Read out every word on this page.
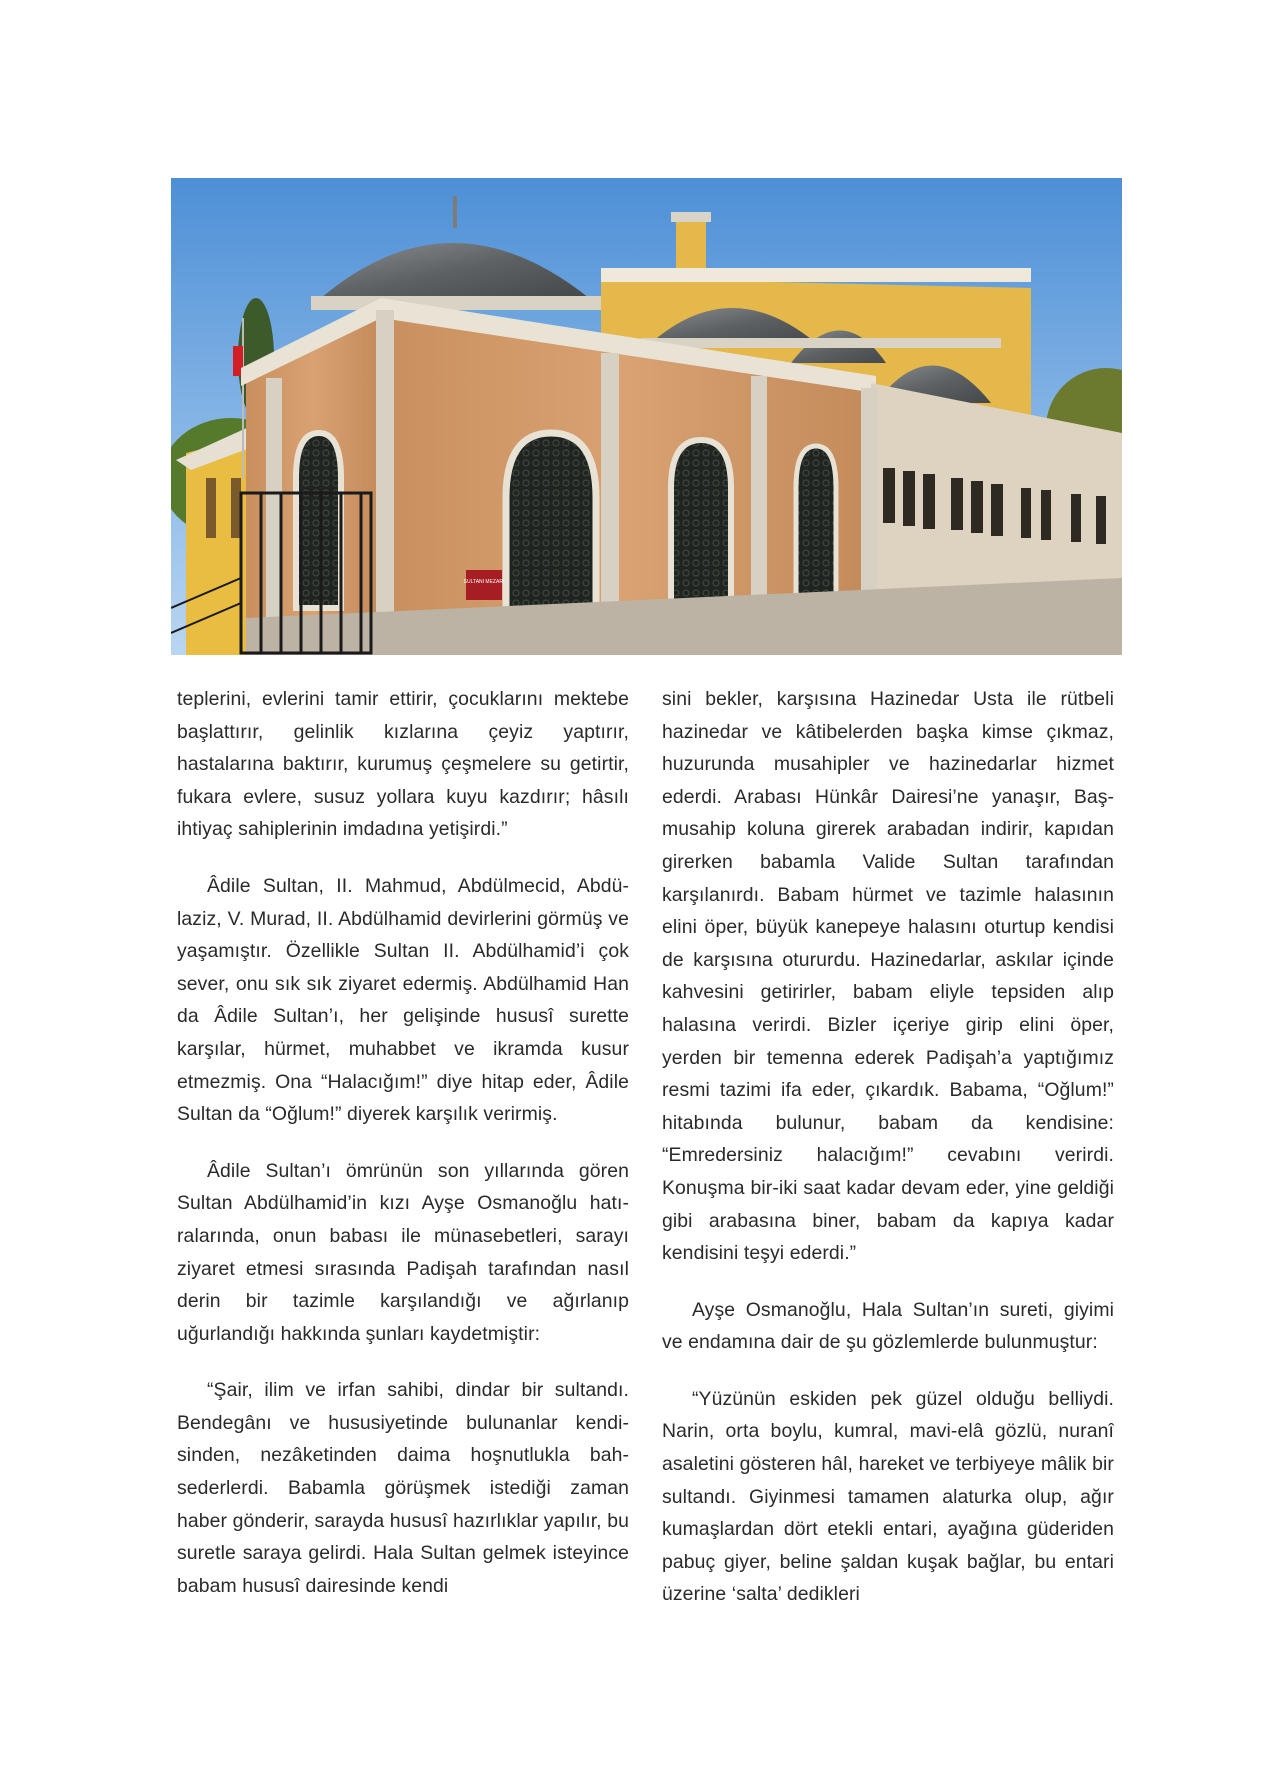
SULTANI MEZARI

teplerini, evlerini tamir ettirir, çocuklarını mektebe başlattırır, gelinlik kızlarına çeyiz yaptırır, hastalarına baktırır, kurumuş çeşmelere su getirtir, fukara evlere, susuz yollara kuyu kazdırır; hâsılı ihtiyaç sahiplerinin imdadına yetişirdi.”

Âdile Sultan, II. Mahmud, Abdülmecid, Abdülaziz, V. Murad, II. Abdülhamid devirlerini görmüş ve yaşamıştır. Özellikle Sultan II. Abdülhamid’i çok sever, onu sık sık ziyaret edermiş. Abdülhamid Han da Âdile Sultan’ı, her gelişinde hususî surette karşılar, hürmet, muhabbet ve ikramda kusur etmezmiş. Ona “Halacığım!” diye hitap eder, Âdile Sultan da “Oğlum!” diyerek karşılık verirmiş.

Âdile Sultan’ı ömrünün son yıllarında gören Sultan Abdülhamid’in kızı Ayşe Osmanoğlu hatıralarında, onun babası ile münasebetleri, sarayı ziyaret etmesi sırasında Padişah tarafından nasıl derin bir tazimle karşılandığı ve ağırlanıp uğurlandığı hakkında şunları kaydetmiştir:

“Şair, ilim ve irfan sahibi, dindar bir sultandı. Bendegânı ve hususiyetinde bulunanlar kendisinden, nezâketinden daima hoşnutlukla bahsederlerdi. Babamla görüşmek istediği zaman haber gönderir, sarayda hususî hazırlıklar yapılır, bu suretle saraya gelirdi. Hala Sultan gelmek isteyince babam hususî dairesinde kendi

sini bekler, karşısına Hazinedar Usta ile rütbeli hazinedar ve kâtibelerden başka kimse çıkmaz, huzurunda musahipler ve hazinedarlar hizmet ederdi. Arabası Hünkâr Dairesi’ne yanaşır, Başmusahip koluna girerek arabadan indirir, kapıdan girerken babamla Valide Sultan tarafından karşılanırdı. Babam hürmet ve tazimle halasının elini öper, büyük kanepeye halasını oturtup kendisi de karşısına otururdu. Hazinedarlar, askılar içinde kahvesini getirirler, babam eliyle tepsiden alıp halasına verirdi. Bizler içeriye girip elini öper, yerden bir temenna ederek Padişah’a yaptığımız resmi tazimi ifa eder, çıkardık. Babama, “Oğlum!” hitabında bulunur, babam da kendisine: “Emredersiniz halacığım!” cevabını verirdi. Konuşma bir-iki saat kadar devam eder, yine geldiği gibi arabasına biner, babam da kapıya kadar kendisini teşyi ederdi.”

Ayşe Osmanoğlu, Hala Sultan’ın sureti, giyimi ve endamına dair de şu gözlemlerde bulunmuştur:

“Yüzünün eskiden pek güzel olduğu belliydi. Narin, orta boylu, kumral, mavi-elâ gözlü, nuranî asaletini gösteren hâl, hareket ve terbiyeye mâlik bir sultandı. Giyinmesi tamamen alaturka olup, ağır kumaşlardan dört etekli entari, ayağına güderiden pabuç giyer, beline şaldan kuşak bağlar, bu entari üzerine ‘salta’ dedikleri
